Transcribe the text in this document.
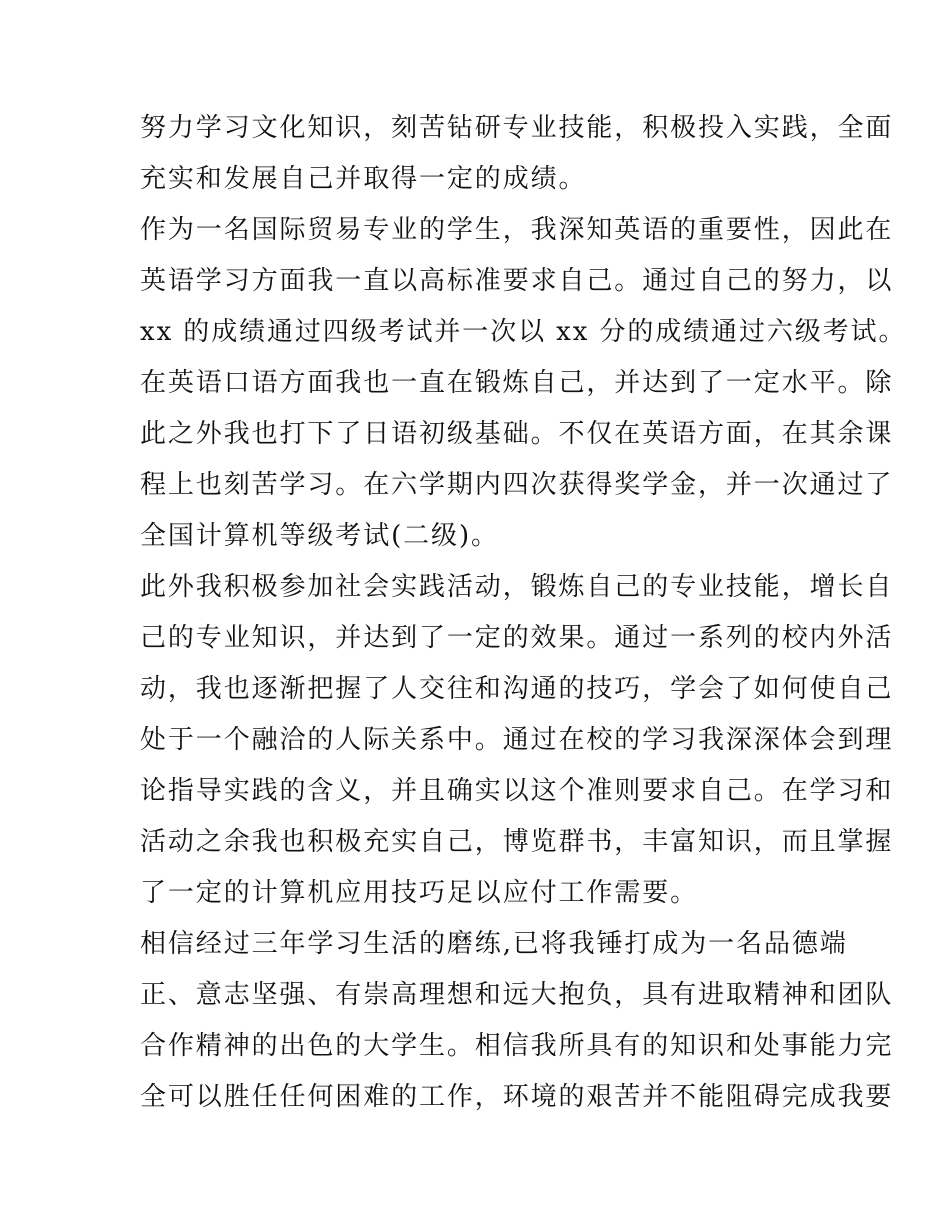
努力学习文化知识，刻苦钻研专业技能，积极投入实践，全面
充实和发展自己并取得一定的成绩。
作为一名国际贸易专业的学生，我深知英语的重要性，因此在
英语学习方面我一直以高标准要求自己。通过自己的努力，以
xx 的成绩通过四级考试并一次以 xx 分的成绩通过六级考试。
在英语口语方面我也一直在锻炼自己，并达到了一定水平。除
此之外我也打下了日语初级基础。不仅在英语方面，在其余课
程上也刻苦学习。在六学期内四次获得奖学金，并一次通过了
全国计算机等级考试(二级)。
此外我积极参加社会实践活动，锻炼自己的专业技能，增长自
己的专业知识，并达到了一定的效果。通过一系列的校内外活
动，我也逐渐把握了人交往和沟通的技巧，学会了如何使自己
处于一个融洽的人际关系中。通过在校的学习我深深体会到理
论指导实践的含义，并且确实以这个准则要求自己。在学习和
活动之余我也积极充实自己，博览群书，丰富知识，而且掌握
了一定的计算机应用技巧足以应付工作需要。
相信经过三年学习生活的磨练,已将我锤打成为一名品德端
正、意志坚强、有崇高理想和远大抱负，具有进取精神和团队
合作精神的出色的大学生。相信我所具有的知识和处事能力完
全可以胜任任何困难的工作，环境的艰苦并不能阻碍完成我要
